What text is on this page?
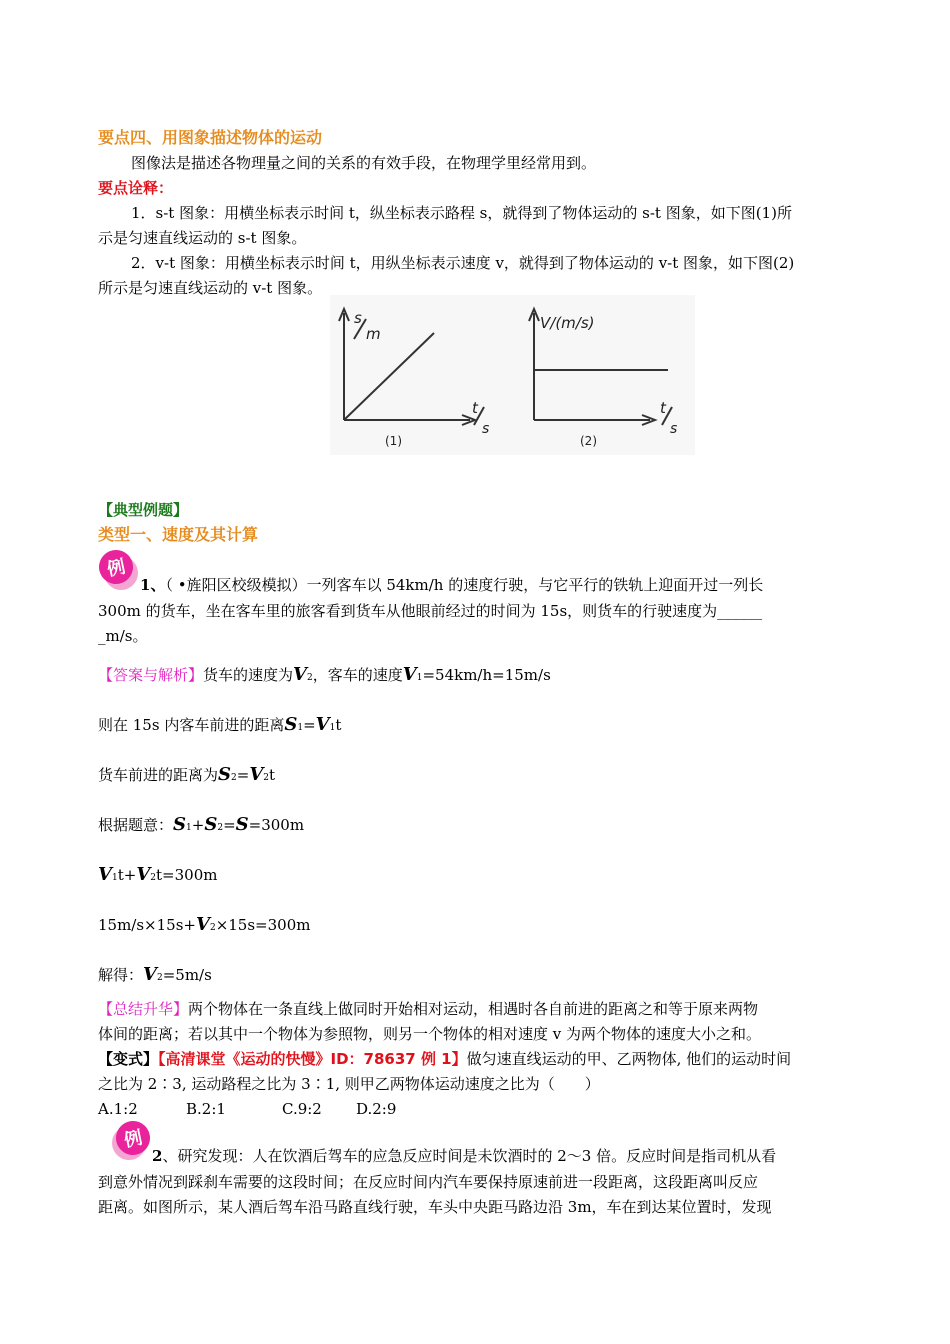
要点四、用图象描述物体的运动
图像法是描述各物理量之间的关系的有效手段，在物理学里经常用到。
要点诠释：
1．s-t 图象：用横坐标表示时间 t，纵坐标表示路程 s，就得到了物体运动的 s-t 图象，如下图(1)所
示是匀速直线运动的 s-t 图象。
2．v-t 图象：用横坐标表示时间 t，用纵坐标表示速度 v，就得到了物体运动的 v-t 图象，如下图(2)
所示是匀速直线运动的 v-t 图象。
s
m
t
s
V/(m/s)
t
s
(1)	(2)
【典型例题】
类型一、速度及其计算
例
1、（ •旌阳区校级模拟）一列客车以 54km/h 的速度行驶，与它平行的铁轨上迎面开过一列长
300m 的货车，坐在客车里的旅客看到货车从他眼前经过的时间为 15s，则货车的行驶速度为______
_m/s。
【答案与解析】货车的速度为V2，客车的速度V1=54km/h=15m/s
则在 15s 内客车前进的距离S1=V1t
货车前进的距离为S2=V2t
根据题意：S1+S2=S=300m
V1t+V2t=300m
15m/s×15s+V2×15s=300m
解得：V2=5m/s
【总结升华】两个物体在一条直线上做同时开始相对运动，相遇时各自前进的距离之和等于原来两物
体间的距离；若以其中一个物体为参照物，则另一个物体的相对速度 v 为两个物体的速度大小之和。
【变式】【高清课堂《运动的快慢》ID：78637 例 1】做匀速直线运动的甲、乙两物体, 他们的运动时间
之比为 2∶3, 运动路程之比为 3∶1, 则甲乙两物体运动速度之比为（　　）
A.1:2	B.2:1	C.9:2 D.2:9
例
2、研究发现：人在饮酒后驾车的应急反应时间是未饮酒时的 2～3 倍。反应时间是指司机从看
到意外情况到踩刹车需要的这段时间；在反应时间内汽车要保持原速前进一段距离，这段距离叫反应
距离。如图所示，某人酒后驾车沿马路直线行驶，车头中央距马路边沿 3m，车在到达某位置时，发现
